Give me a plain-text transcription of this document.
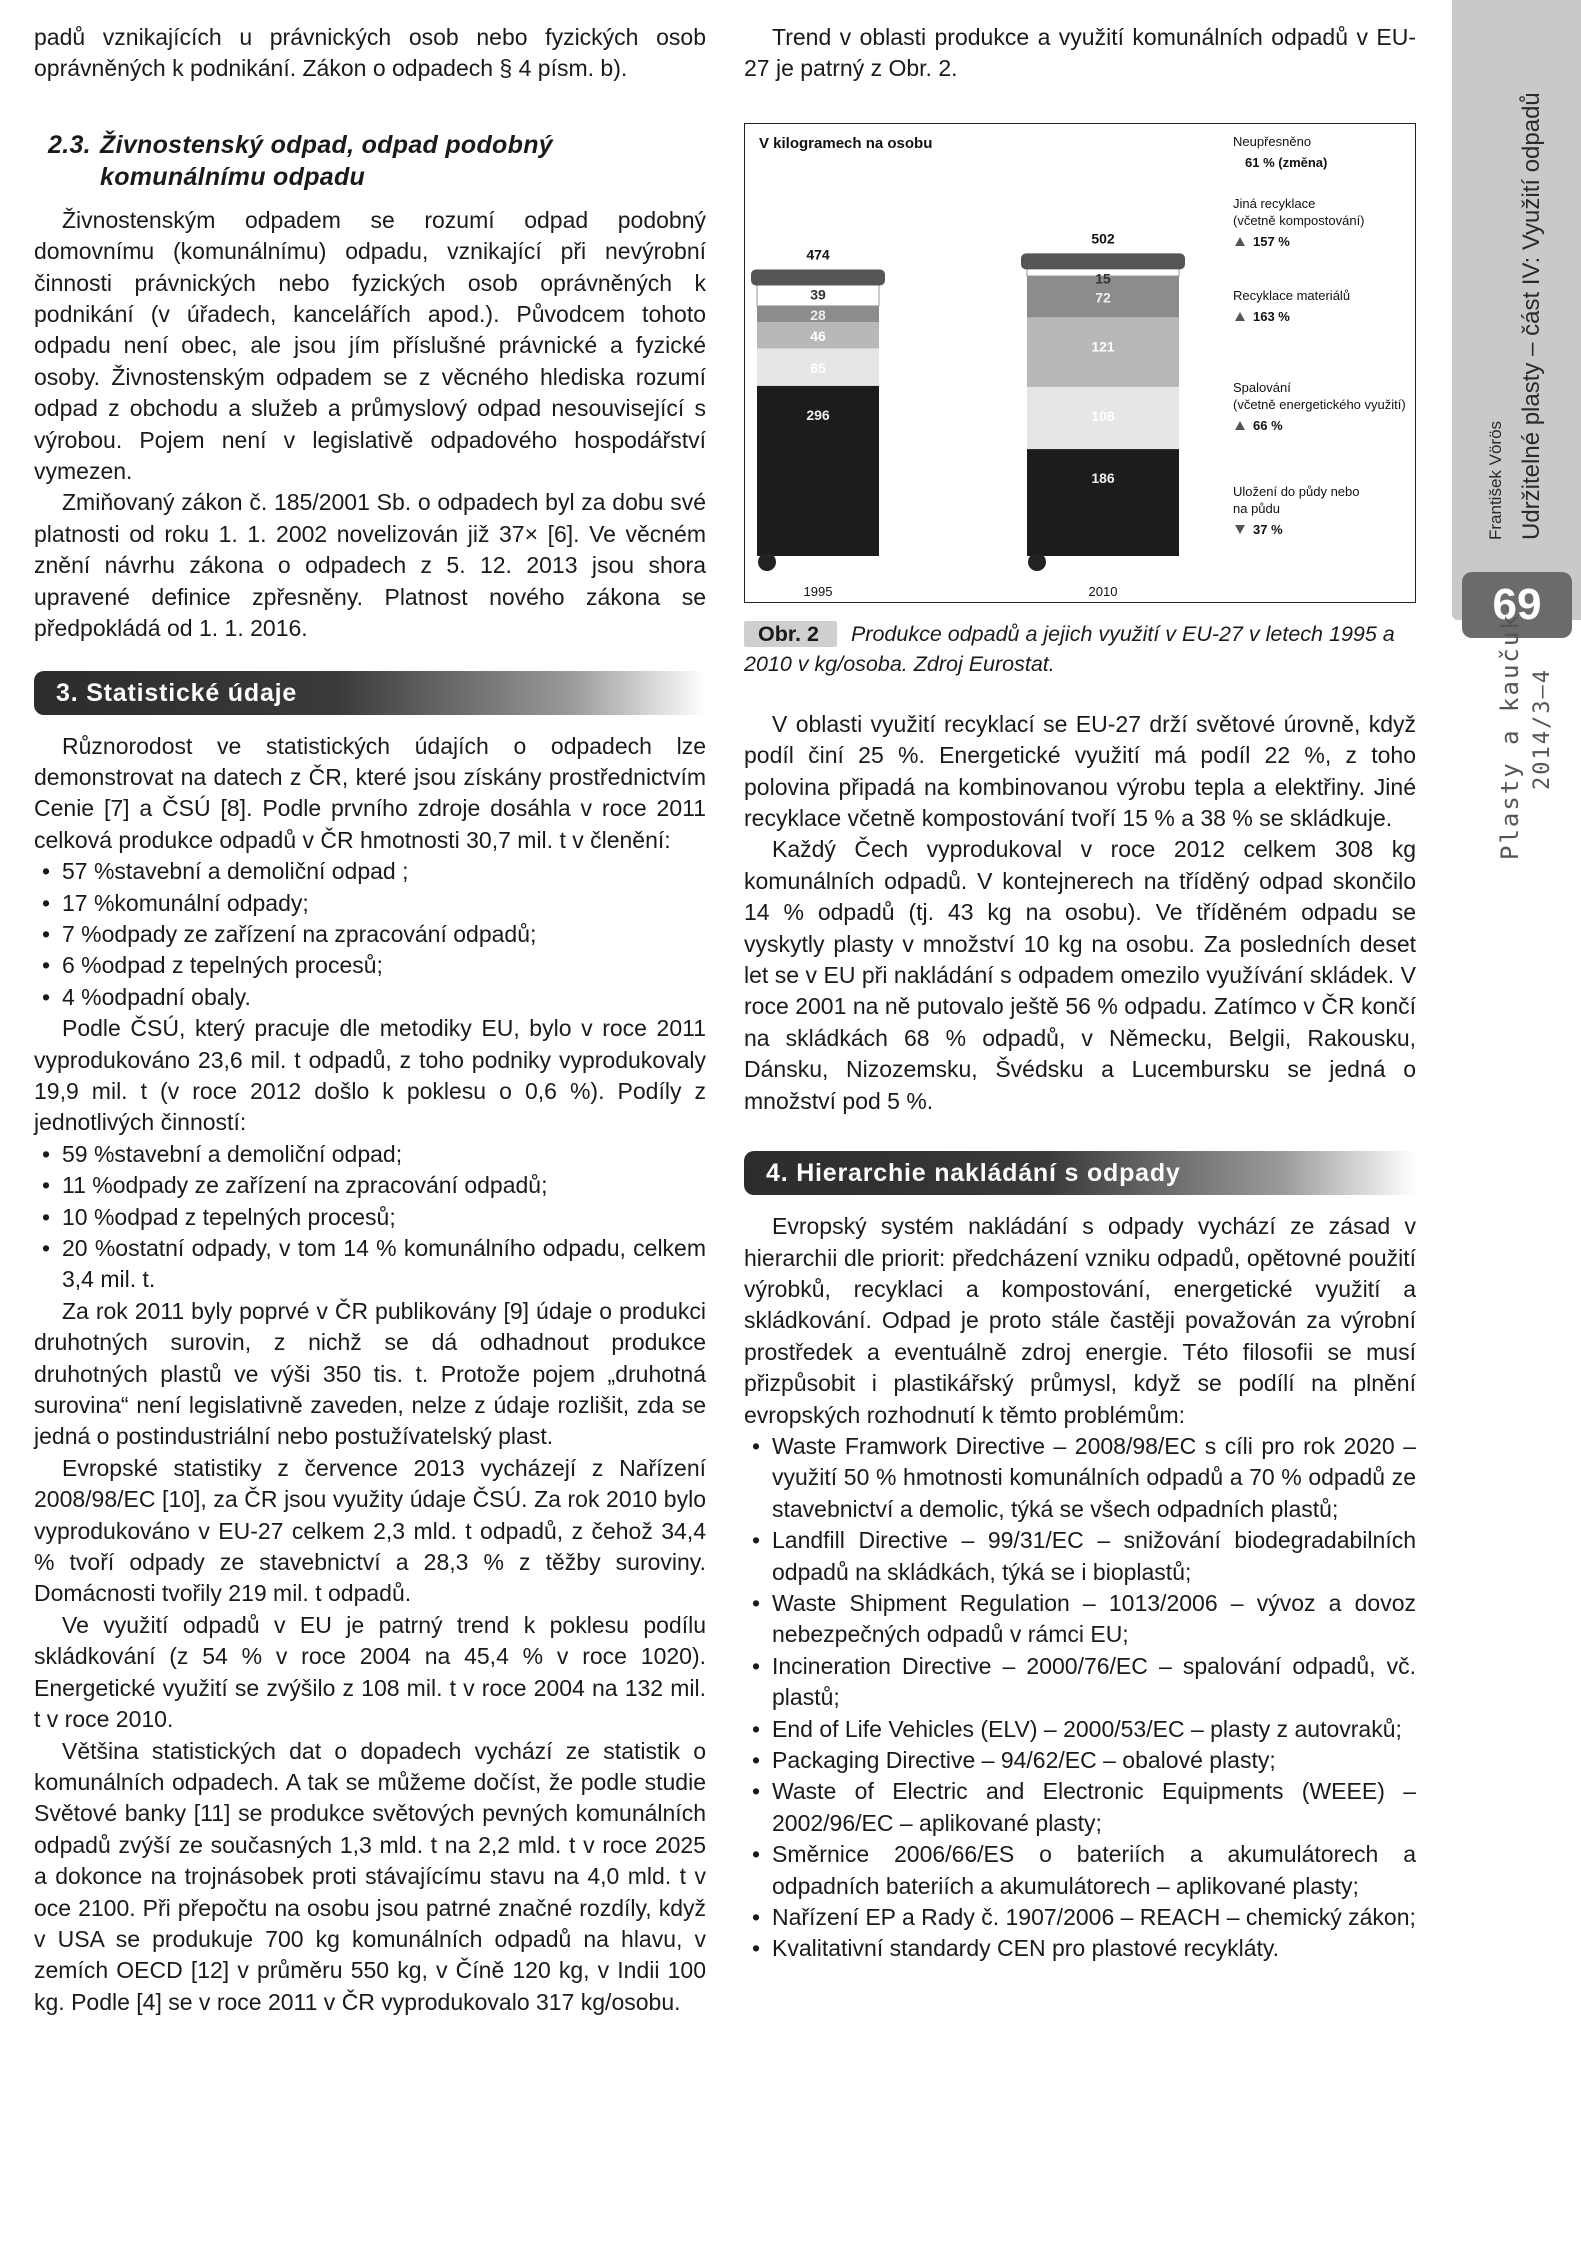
padů vznikajících u právnických osob nebo fyzických osob oprávněných k podnikání. Zákon o odpadech § 4 písm. b).

2.3. Živnostenský odpad, odpad podobný
komunálnímu odpadu

Živnostenským odpadem se rozumí odpad podobný domovnímu (komunálnímu) odpadu, vznikající při nevýrobní činnosti právnických nebo fyzických osob oprávněných k podnikání (v úřadech, kancelářích apod.). Původcem tohoto odpadu není obec, ale jsou jím příslušné právnické a fyzické osoby. Živnostenským odpadem se z věcného hlediska rozumí odpad z obchodu a služeb a průmyslový odpad nesouvisející s výrobou. Pojem není v legislativě odpadového hospodářství vymezen.

Zmiňovaný zákon č. 185/2001 Sb. o odpadech byl za dobu své platnosti od roku 1. 1. 2002 novelizován již 37× [6]. Ve věcném znění návrhu zákona o odpadech z 5. 12. 2013 jsou shora upravené definice zpřesněny. Platnost nového zákona se předpokládá od 1. 1. 2016.

3. Statistické údaje

Různorodost ve statistických údajích o odpadech lze demonstrovat na datech z ČR, které jsou získány prostřednictvím Cenie [7] a ČSÚ [8]. Podle prvního zdroje dosáhla v roce 2011 celková produkce odpadů v ČR hmotnosti 30,7 mil. t v členění:

• 57 %stavební a demoliční odpad ;
• 17 %komunální odpady;
• 7 %odpady ze zařízení na zpracování odpadů;
• 6 %odpad z tepelných procesů;
• 4 %odpadní obaly.

Podle ČSÚ, který pracuje dle metodiky EU, bylo v roce 2011 vyprodukováno 23,6 mil. t odpadů, z toho podniky vyprodukovaly 19,9 mil. t (v roce 2012 došlo k poklesu o 0,6 %). Podíly z jednotlivých činností:

• 59 %stavební a demoliční odpad;
• 11 %odpady ze zařízení na zpracování odpadů;
• 10 %odpad z tepelných procesů;
• 20 %ostatní odpady, v tom 14 % komunálního odpadu, celkem 3,4 mil. t.

Za rok 2011 byly poprvé v ČR publikovány [9] údaje o produkci druhotných surovin, z nichž se dá odhadnout produkce druhotných plastů ve výši 350 tis. t. Protože pojem „druhotná surovina“ není legislativně zaveden, nelze z údaje rozlišit, zda se jedná o postindustriální nebo postužívatelský plast.

Evropské statistiky z července 2013 vycházejí z Nařízení 2008/98/EC [10], za ČR jsou využity údaje ČSÚ. Za rok 2010 bylo vyprodukováno v EU-27 celkem 2,3 mld. t odpadů, z čehož 34,4 % tvoří odpady ze stavebnictví a 28,3 % z těžby suroviny. Domácnosti tvořily 219 mil. t odpadů.

Ve využití odpadů v EU je patrný trend k poklesu podílu skládkování (z 54 % v roce 2004 na 45,4 % v roce 1020). Energetické využití se zvýšilo z 108 mil. t v roce 2004 na 132 mil. t v roce 2010.

Většina statistických dat o dopadech vychází ze statistik o komunálních odpadech. A tak se můžeme dočíst, že podle studie Světové banky [11] se produkce světových pevných komunálních odpadů zvýší ze současných 1,3 mld. t na 2,2 mld. t v roce 2025 a dokonce na trojnásobek proti stávajícímu stavu na 4,0 mld. t v oce 2100. Při přepočtu na osobu jsou patrné značné rozdíly, když v USA se produkuje 700 kg komunálních odpadů na hlavu, v zemích OECD [12] v průměru 550 kg, v Číně 120 kg, v Indii 100 kg. Podle [4] se v roce 2011 v ČR vyprodukovalo 317 kg/osobu.

Trend v oblasti produkce a využití komunálních odpadů v EU-27 je patrný z Obr. 2.

V kilogramech na osobu
296
65
46
28
39
474
1995
186
108
121
72
15
502
2010
Neupřesněno
61 % (změna)
Jiná recyklace
(včetně kompostování)
157 %
Recyklace materiálů
163 %
Spalování
(včetně energetického využití)
66 %
Uložení do půdy nebo
na půdu
37 %

Obr. 2 Produkce odpadů a jejich využití v EU-27 v letech 1995 a 2010 v kg/osoba. Zdroj Eurostat.

V oblasti využití recyklací se EU-27 drží světové úrovně, když podíl činí 25 %. Energetické využití má podíl 22 %, z toho polovina připadá na kombinovanou výrobu tepla a elektřiny. Jiné recyklace včetně kompostování tvoří 15 % a 38 % se skládkuje.

Každý Čech vyprodukoval v roce 2012 celkem 308 kg komunálních odpadů. V kontejnerech na tříděný odpad skončilo 14 % odpadů (tj. 43 kg na osobu). Ve tříděném odpadu se vyskytly plasty v množství 10 kg na osobu. Za posledních deset let se v EU při nakládání s odpadem omezilo využívání skládek. V roce 2001 na ně putovalo ještě 56 % odpadu. Zatímco v ČR končí na skládkách 68 % odpadů, v Německu, Belgii, Rakousku, Dánsku, Nizozemsku, Švédsku a Lucembursku se jedná o množství pod 5 %.

4. Hierarchie nakládání s odpady

Evropský systém nakládání s odpady vychází ze zásad v hierarchii dle priorit: předcházení vzniku odpadů, opětovné použití výrobků, recyklaci a kompostování, energetické využití a skládkování. Odpad je proto stále častěji považován za výrobní prostředek a eventuálně zdroj energie. Této filosofii se musí přizpůsobit i plastikářský průmysl, když se podílí na plnění evropských rozhodnutí k těmto problémům:

• Waste Framwork Directive – 2008/98/EC s cíli pro rok 2020 – využití 50 % hmotnosti komunálních odpadů a 70 % odpadů ze stavebnictví a demolic, týká se všech odpadních plastů;
• Landfill Directive – 99/31/EC – snižování biodegradabilních odpadů na skládkách, týká se i bioplastů;
• Waste Shipment Regulation – 1013/2006 – vývoz a dovoz nebezpečných odpadů v rámci EU;
• Incineration Directive – 2000/76/EC – spalování odpadů, vč. plastů;
• End of Life Vehicles (ELV) – 2000/53/EC – plasty z autovraků;
• Packaging Directive – 94/62/EC – obalové plasty;
• Waste of Electric and Electronic Equipments (WEEE) – 2002/96/EC – aplikované plasty;
• Směrnice 2006/66/ES o bateriích a akumulátorech a odpadních bateriích a akumulátorech – aplikované plasty;
• Nařízení EP a Rady č. 1907/2006 – REACH – chemický zákon;
• Kvalitativní standardy CEN pro plastové recykláty.
Udržitelné plasty – část IV: Využití odpadů
František Vörös
69
Plasty a kaučuk 2014/3–4
